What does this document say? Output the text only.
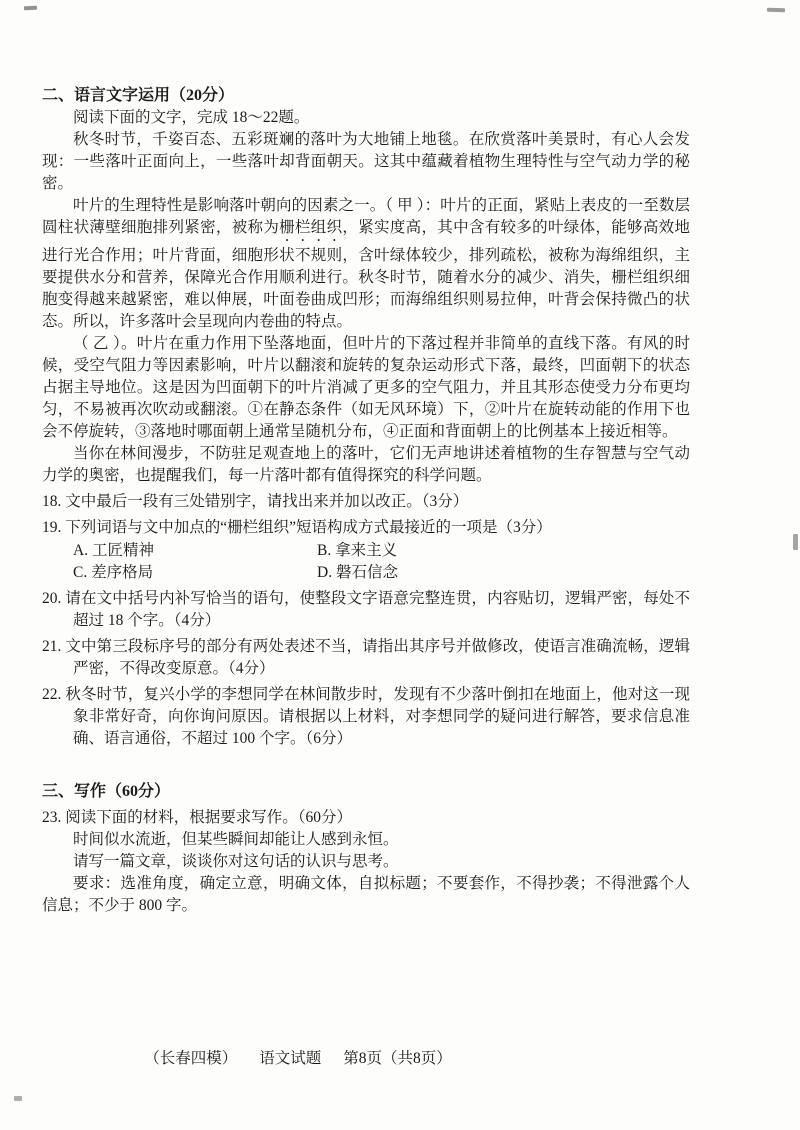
二、语言文字运用（20分）

阅读下面的文字，完成 18～22题。

秋冬时节，千姿百态、五彩斑斓的落叶为大地铺上地毯。在欣赏落叶美景时，有心人会发现：一些落叶正面向上，一些落叶却背面朝天。这其中蕴藏着植物生理特性与空气动力学的秘密。

叶片的生理特性是影响落叶朝向的因素之一。（ 甲 ）：叶片的正面，紧贴上表皮的一至数层圆柱状薄壁细胞排列紧密，被称为栅栏组织，紧实度高，其中含有较多的叶绿体，能够高效地进行光合作用；叶片背面，细胞形状不规则，含叶绿体较少，排列疏松，被称为海绵组织，主要提供水分和营养，保障光合作用顺利进行。秋冬时节，随着水分的减少、消失，栅栏组织细胞变得越来越紧密，难以伸展，叶面卷曲成凹形；而海绵组织则易拉伸，叶背会保持微凸的状态。所以，许多落叶会呈现向内卷曲的特点。

（ 乙 ）。叶片在重力作用下坠落地面，但叶片的下落过程并非简单的直线下落。有风的时候，受空气阻力等因素影响，叶片以翻滚和旋转的复杂运动形式下落，最终，凹面朝下的状态占据主导地位。这是因为凹面朝下的叶片消减了更多的空气阻力，并且其形态使受力分布更均匀，不易被再次吹动或翻滚。①在静态条件（如无风环境）下，②叶片在旋转动能的作用下也会不停旋转，③落地时哪面朝上通常呈随机分布，④正面和背面朝上的比例基本上接近相等。

当你在林间漫步，不防驻足观查地上的落叶，它们无声地讲述着植物的生存智慧与空气动力学的奥密，也提醒我们，每一片落叶都有值得探究的科学问题。

18. 文中最后一段有三处错别字，请找出来并加以改正。（3分）
19. 下列词语与文中加点的“栅栏组织”短语构成方式最接近的一项是（3分）
A. 工匠精神	B. 拿来主义
C. 差序格局	D. 磐石信念
20. 请在文中括号内补写恰当的语句，使整段文字语意完整连贯，内容贴切，逻辑严密，每处不超过 18 个字。（4分）
21. 文中第三段标序号的部分有两处表述不当，请指出其序号并做修改，使语言准确流畅，逻辑严密，不得改变原意。（4分）
22. 秋冬时节，复兴小学的李想同学在林间散步时，发现有不少落叶倒扣在地面上，他对这一现象非常好奇，向你询问原因。请根据以上材料，对李想同学的疑问进行解答，要求信息准确、语言通俗，不超过 100 个字。（6分）
三、写作（60分）
23. 阅读下面的材料，根据要求写作。（60分）

时间似水流逝，但某些瞬间却能让人感到永恒。

请写一篇文章，谈谈你对这句话的认识与思考。

要求：选准角度，确定立意，明确文体，自拟标题；不要套作，不得抄袭；不得泄露个人信息；不少于 800 字。

（长春四模） 语文试题 第8页（共8页）
